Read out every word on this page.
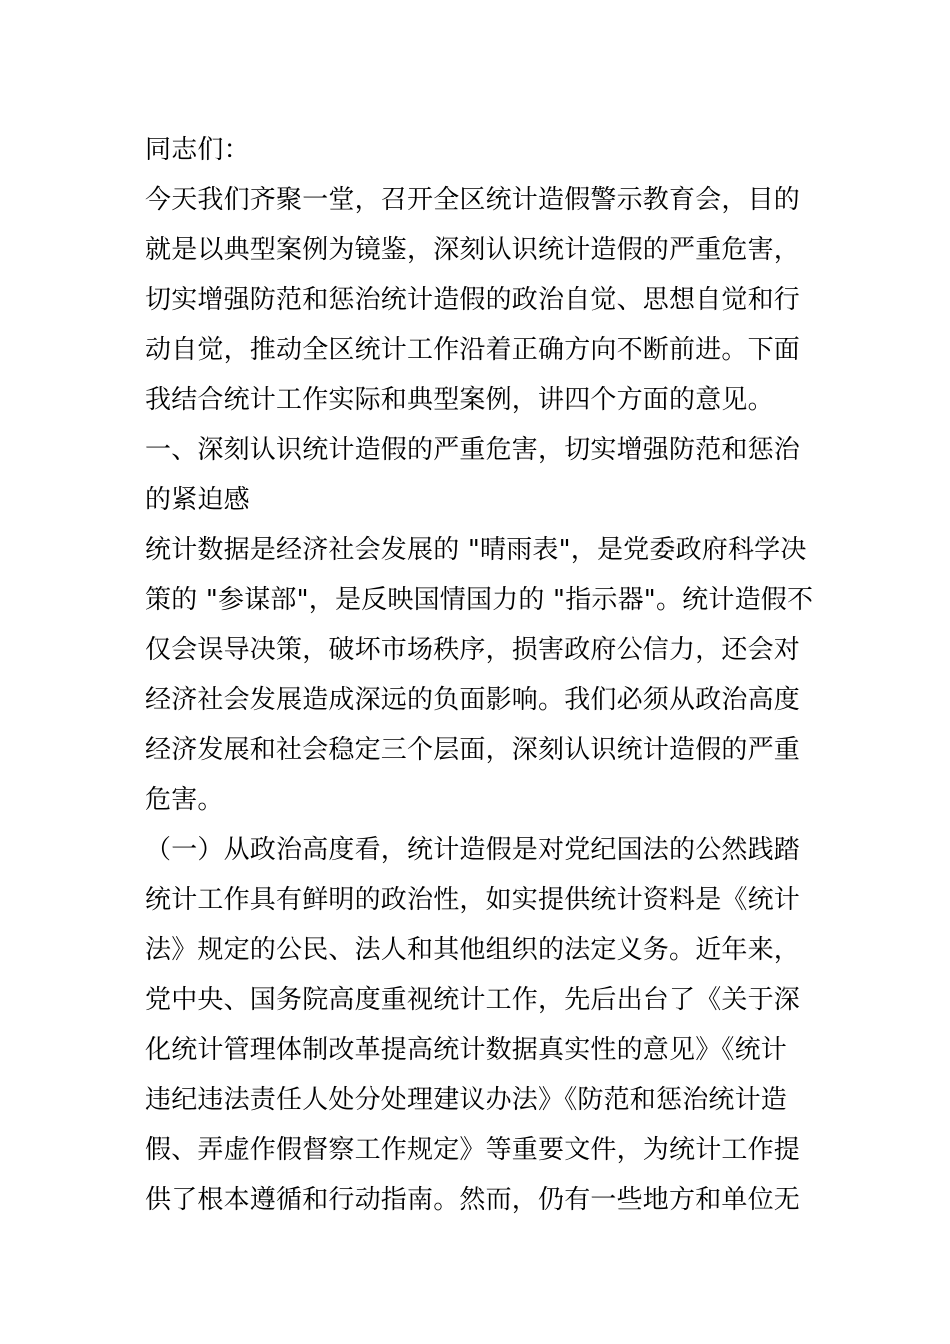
同志们：
今天我们齐聚一堂，召开全区统计造假警示教育会，目的
就是以典型案例为镜鉴，深刻认识统计造假的严重危害，
切实增强防范和惩治统计造假的政治自觉、思想自觉和行
动自觉，推动全区统计工作沿着正确方向不断前进。下面
我结合统计工作实际和典型案例，讲四个方面的意见。
一、深刻认识统计造假的严重危害，切实增强防范和惩治
的紧迫感
统计数据是经济社会发展的 "晴雨表"，是党委政府科学决
策的 "参谋部"，是反映国情国力的 "指示器"。统计造假不
仅会误导决策，破坏市场秩序，损害政府公信力，还会对
经济社会发展造成深远的负面影响。我们必须从政治高度
经济发展和社会稳定三个层面，深刻认识统计造假的严重
危害。
（一）从政治高度看，统计造假是对党纪国法的公然践踏
统计工作具有鲜明的政治性，如实提供统计资料是《统计
法》规定的公民、法人和其他组织的法定义务。近年来，
党中央、国务院高度重视统计工作，先后出台了《关于深
化统计管理体制改革提高统计数据真实性的意见》《统计
违纪违法责任人处分处理建议办法》《防范和惩治统计造
假、弄虚作假督察工作规定》等重要文件，为统计工作提
供了根本遵循和行动指南。然而，仍有一些地方和单位无
